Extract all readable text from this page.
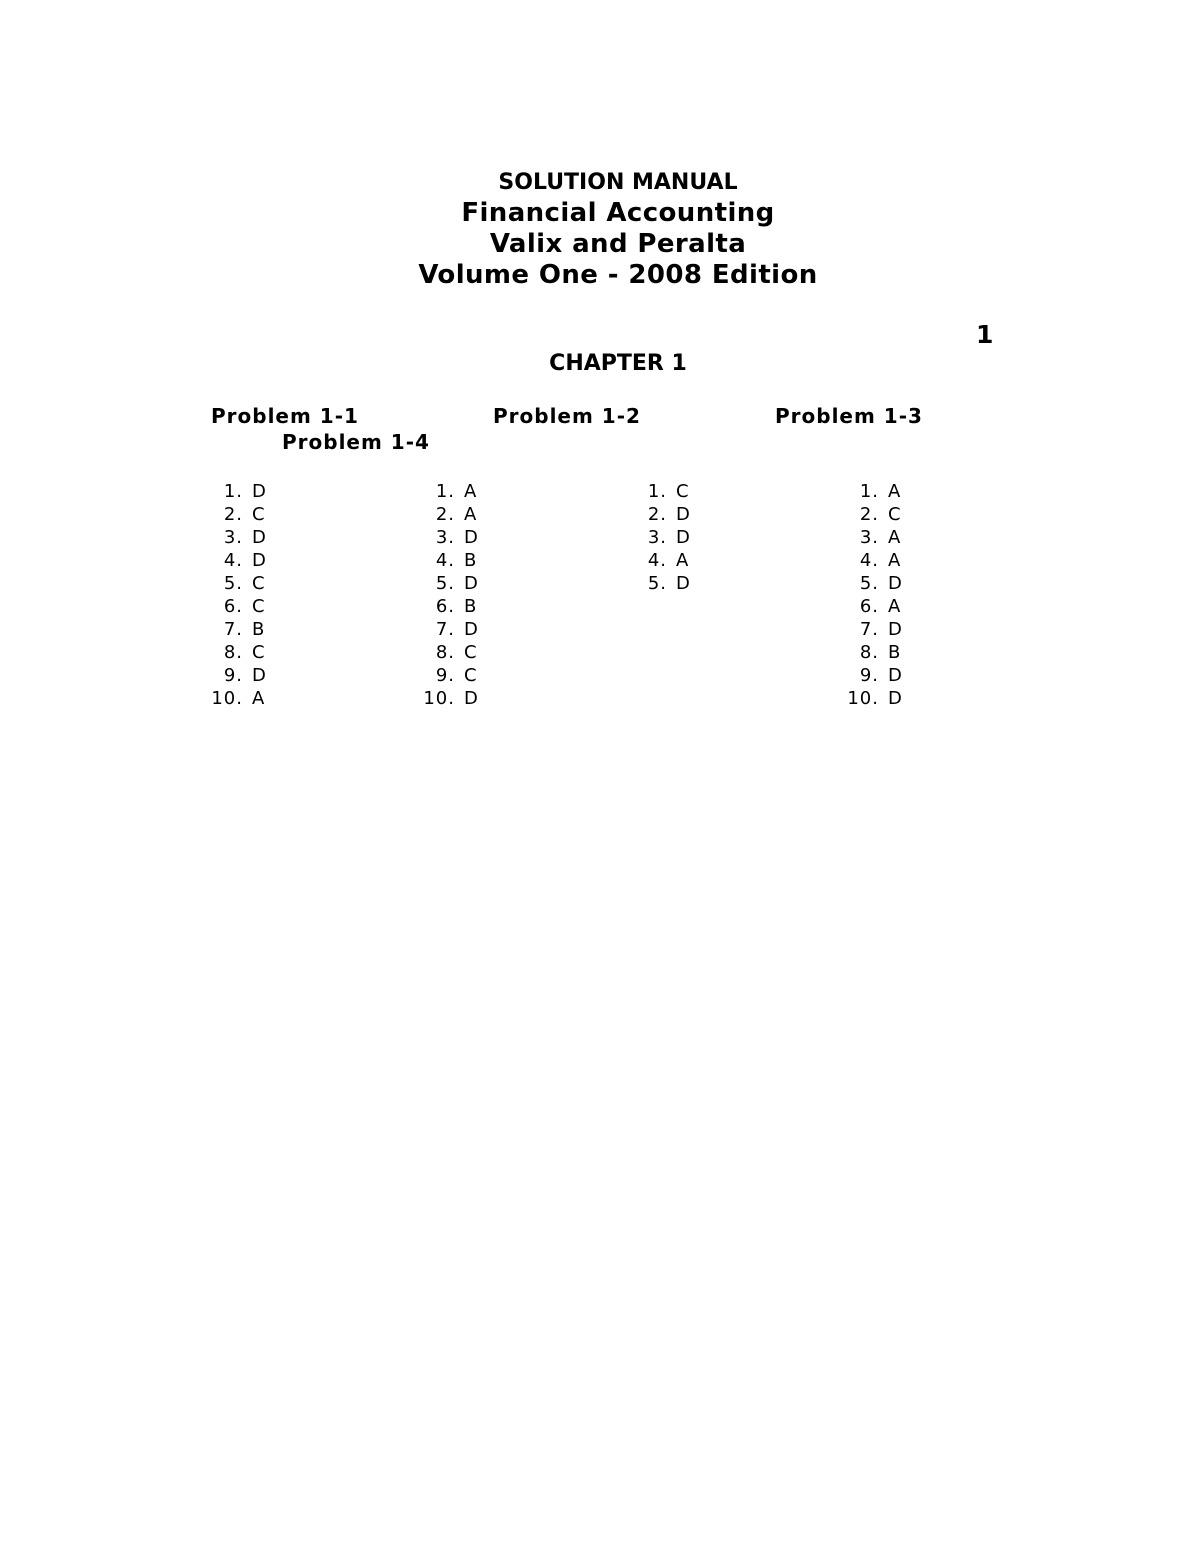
SOLUTION MANUAL
Financial Accounting
Valix and Peralta
Volume One - 2008 Edition
1
CHAPTER 1
Problem 1-1	Problem 1-2	Problem 1-3
Problem 1-4
1. D
2. C
3. D
4. D
5. C
6. C
7. B
8. C
9. D
10. A
1. A
2. A
3. D
4. B
5. D
6. B
7. D
8. C
9. C
10. D
1. C
2. D
3. D
4. A
5. D
1. A
2. C
3. A
4. A
5. D
6. A
7. D
8. B
9. D
10. D
